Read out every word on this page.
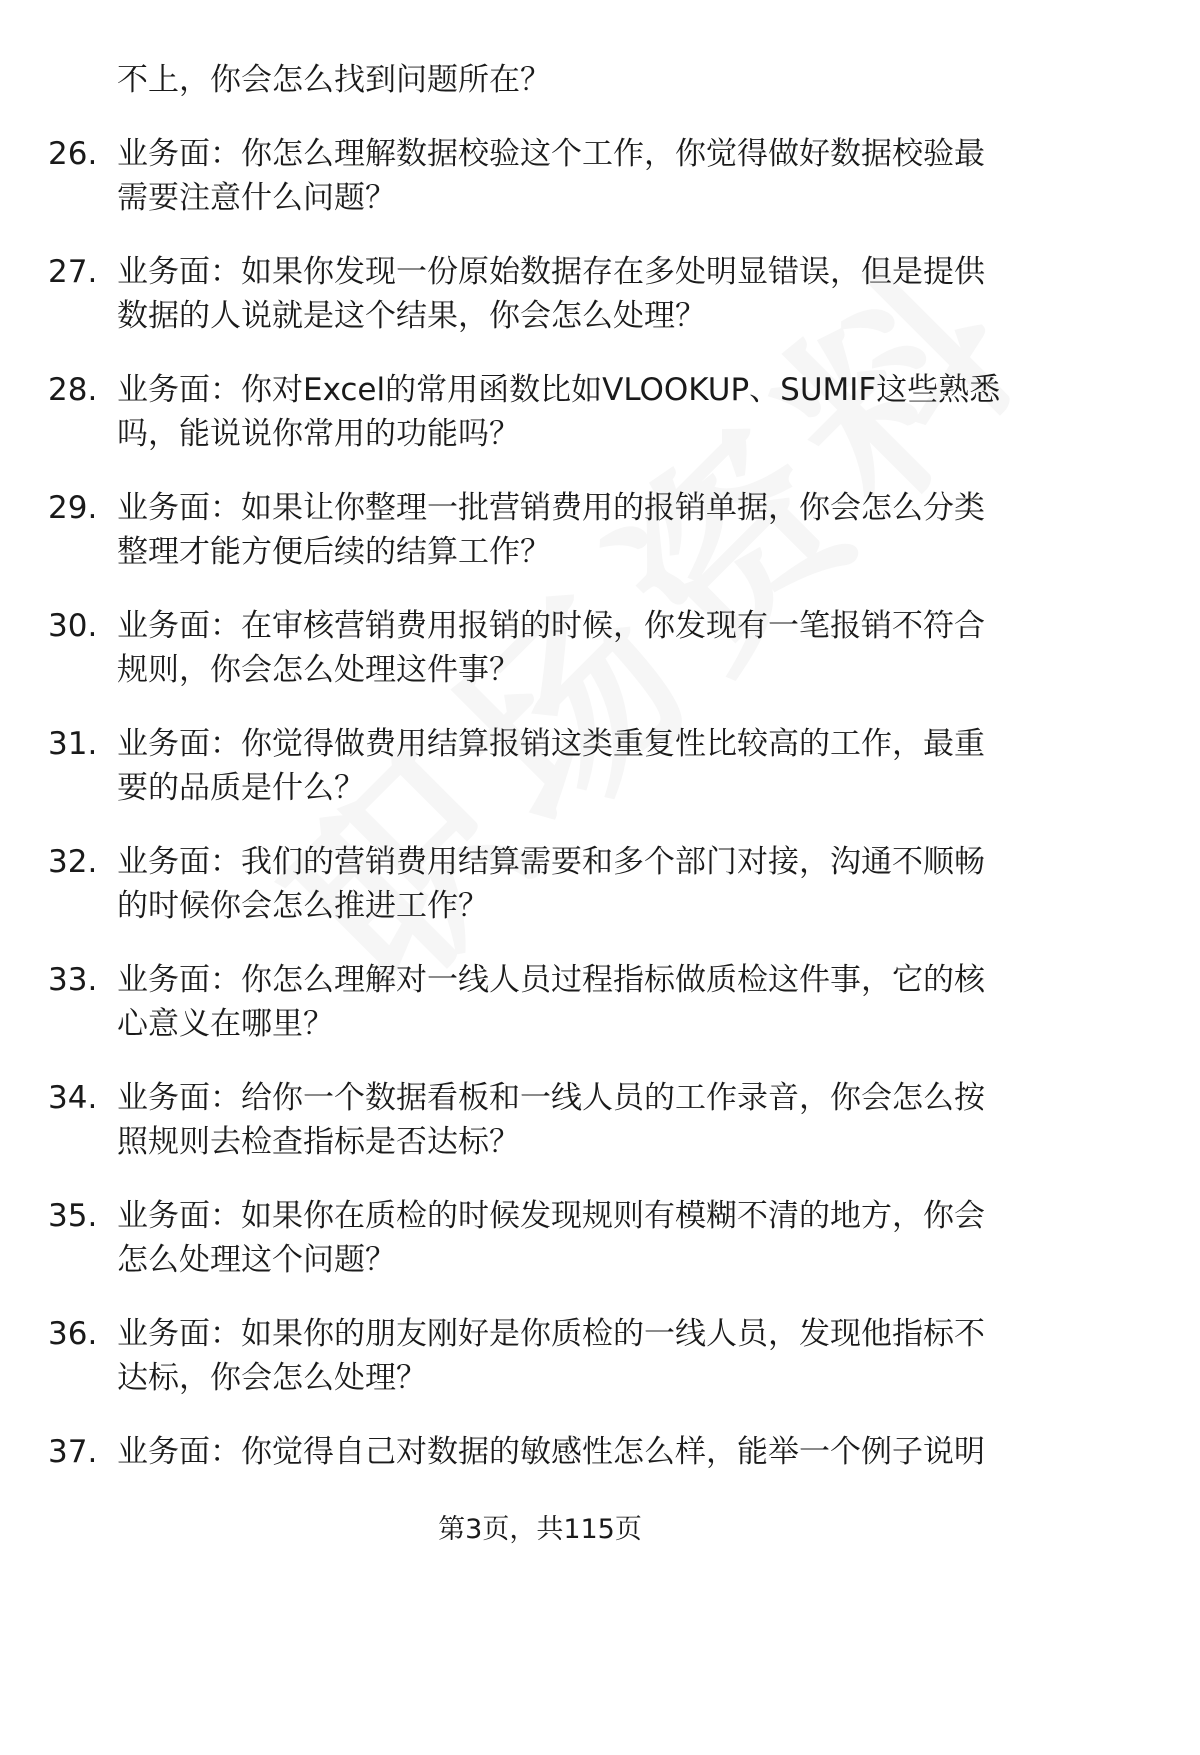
不上，你会怎么找到问题所在？
26. 业务面：你怎么理解数据校验这个工作，你觉得做好数据校验最
需要注意什么问题？
27. 业务面：如果你发现一份原始数据存在多处明显错误，但是提供
数据的人说就是这个结果，你会怎么处理？
28. 业务面：你对Excel的常用函数比如VLOOKUP、SUMIF这些熟悉
吗，能说说你常用的功能吗？
29. 业务面：如果让你整理一批营销费用的报销单据，你会怎么分类
整理才能方便后续的结算工作？
30. 业务面：在审核营销费用报销的时候，你发现有一笔报销不符合
规则，你会怎么处理这件事？
31. 业务面：你觉得做费用结算报销这类重复性比较高的工作，最重
要的品质是什么？
32. 业务面：我们的营销费用结算需要和多个部门对接，沟通不顺畅
的时候你会怎么推进工作？
33. 业务面：你怎么理解对一线人员过程指标做质检这件事，它的核
心意义在哪里？
34. 业务面：给你一个数据看板和一线人员的工作录音，你会怎么按
照规则去检查指标是否达标？
35. 业务面：如果你在质检的时候发现规则有模糊不清的地方，你会
怎么处理这个问题？
36. 业务面：如果你的朋友刚好是你质检的一线人员，发现他指标不
达标，你会怎么处理？
37. 业务面：你觉得自己对数据的敏感性怎么样，能举一个例子说明
第3页，共115页
